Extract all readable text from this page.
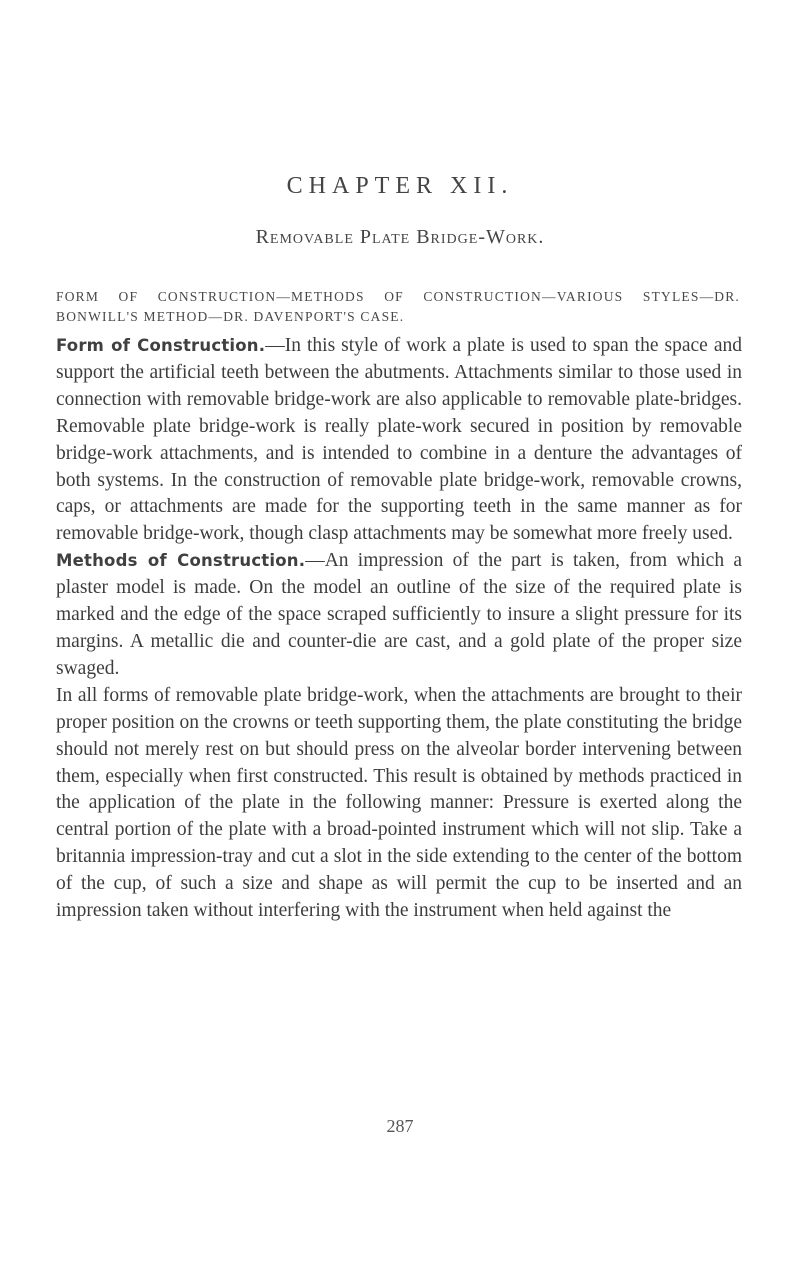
CHAPTER XII.
Removable Plate Bridge-Work.
FORM OF CONSTRUCTION—METHODS OF CONSTRUCTION—VARIOUS STYLES—DR. BONWILL'S METHOD—DR. DAVENPORT'S CASE.

Form of Construction.—In this style of work a plate is used to span the space and support the artificial teeth between the abutments. Attachments similar to those used in connection with removable bridge-work are also applicable to removable plate-bridges. Removable plate bridge-work is really plate-work secured in position by removable bridge-work attachments, and is intended to combine in a denture the advantages of both systems. In the construction of removable plate bridge-work, removable crowns, caps, or attachments are made for the supporting teeth in the same manner as for removable bridge-work, though clasp attachments may be somewhat more freely used.

Methods of Construction.—An impression of the part is taken, from which a plaster model is made. On the model an outline of the size of the required plate is marked and the edge of the space scraped sufficiently to insure a slight pressure for its margins. A metallic die and counter-die are cast, and a gold plate of the proper size swaged.

In all forms of removable plate bridge-work, when the attachments are brought to their proper position on the crowns or teeth supporting them, the plate constituting the bridge should not merely rest on but should press on the alveolar border intervening between them, especially when first constructed. This result is obtained by methods practiced in the application of the plate in the following manner: Pressure is exerted along the central portion of the plate with a broad-pointed instrument which will not slip. Take a britannia impression-tray and cut a slot in the side extending to the center of the bottom of the cup, of such a size and shape as will permit the cup to be inserted and an impression taken without interfering with the instrument when held against the

287
